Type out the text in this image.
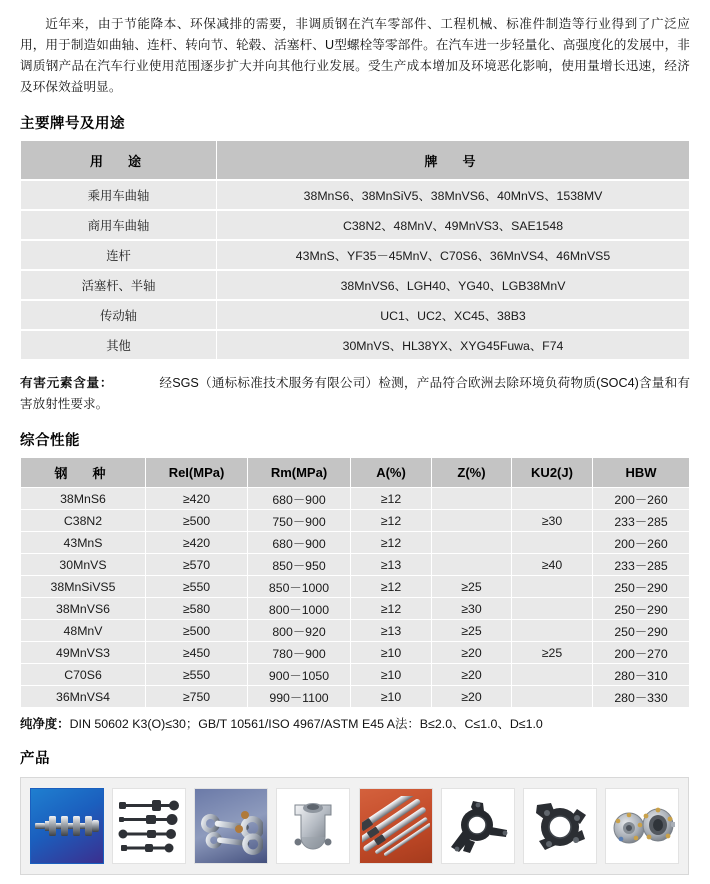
近年来，由于节能降本、环保减排的需要，非调质钢在汽车零部件、工程机械、标准件制造等行业得到了广泛应用，用于制造如曲轴、连杆、转向节、轮毂、活塞杆、U型螺栓等零部件。在汽车进一步轻量化、高强度化的发展中，非调质钢产品在汽车行业使用范围逐步扩大并向其他行业发展。受生产成本增加及环境恶化影响，使用量增长迅速，经济及环保效益明显。

主要牌号及用途
用　途	牌　号
乘用车曲轴	38MnS6、38MnSiV5、38MnVS6、40MnVS、1538MV
商用车曲轴	C38N2、48MnV、49MnVS3、SAE1548
连杆	43MnS、YF35－45MnV、C70S6、36MnVS4、46MnVS5
活塞杆、半轴	38MnVS6、LGH40、YG40、LGB38MnV
传动轴	UC1、UC2、XC45、38B3
其他	30MnVS、HL38YX、XYG45Fuwa、F74

有害元素含量：	经SGS（通标标准技术服务有限公司）检测，产品符合欧洲去除环境负荷物质(SOC4)含量和有害放射性要求。

综合性能
钢　种	ReI(MPa)	Rm(MPa)	A(%)	Z(%)	KU2(J)	HBW
38MnS6	≥420	680－900	≥12			200－260
C38N2	≥500	750－900	≥12		≥30	233－285
43MnS	≥420	680－900	≥12			200－260
30MnVS	≥570	850－950	≥13		≥40	233－285
38MnSiVS5	≥550	850－1000	≥12	≥25		250－290
38MnVS6	≥580	800－1000	≥12	≥30		250－290
48MnV	≥500	800－920	≥13	≥25		250－290
49MnVS3	≥450	780－900	≥10	≥20	≥25	200－270
C70S6	≥550	900－1050	≥10	≥20		280－310
36MnVS4	≥750	990－1100	≥10	≥20		280－330

纯净度：DIN 50602 K3(O)≤30；GB/T 10561/ISO 4967/ASTM E45 A法：B≤2.0、C≤1.0、D≤1.0

产品
